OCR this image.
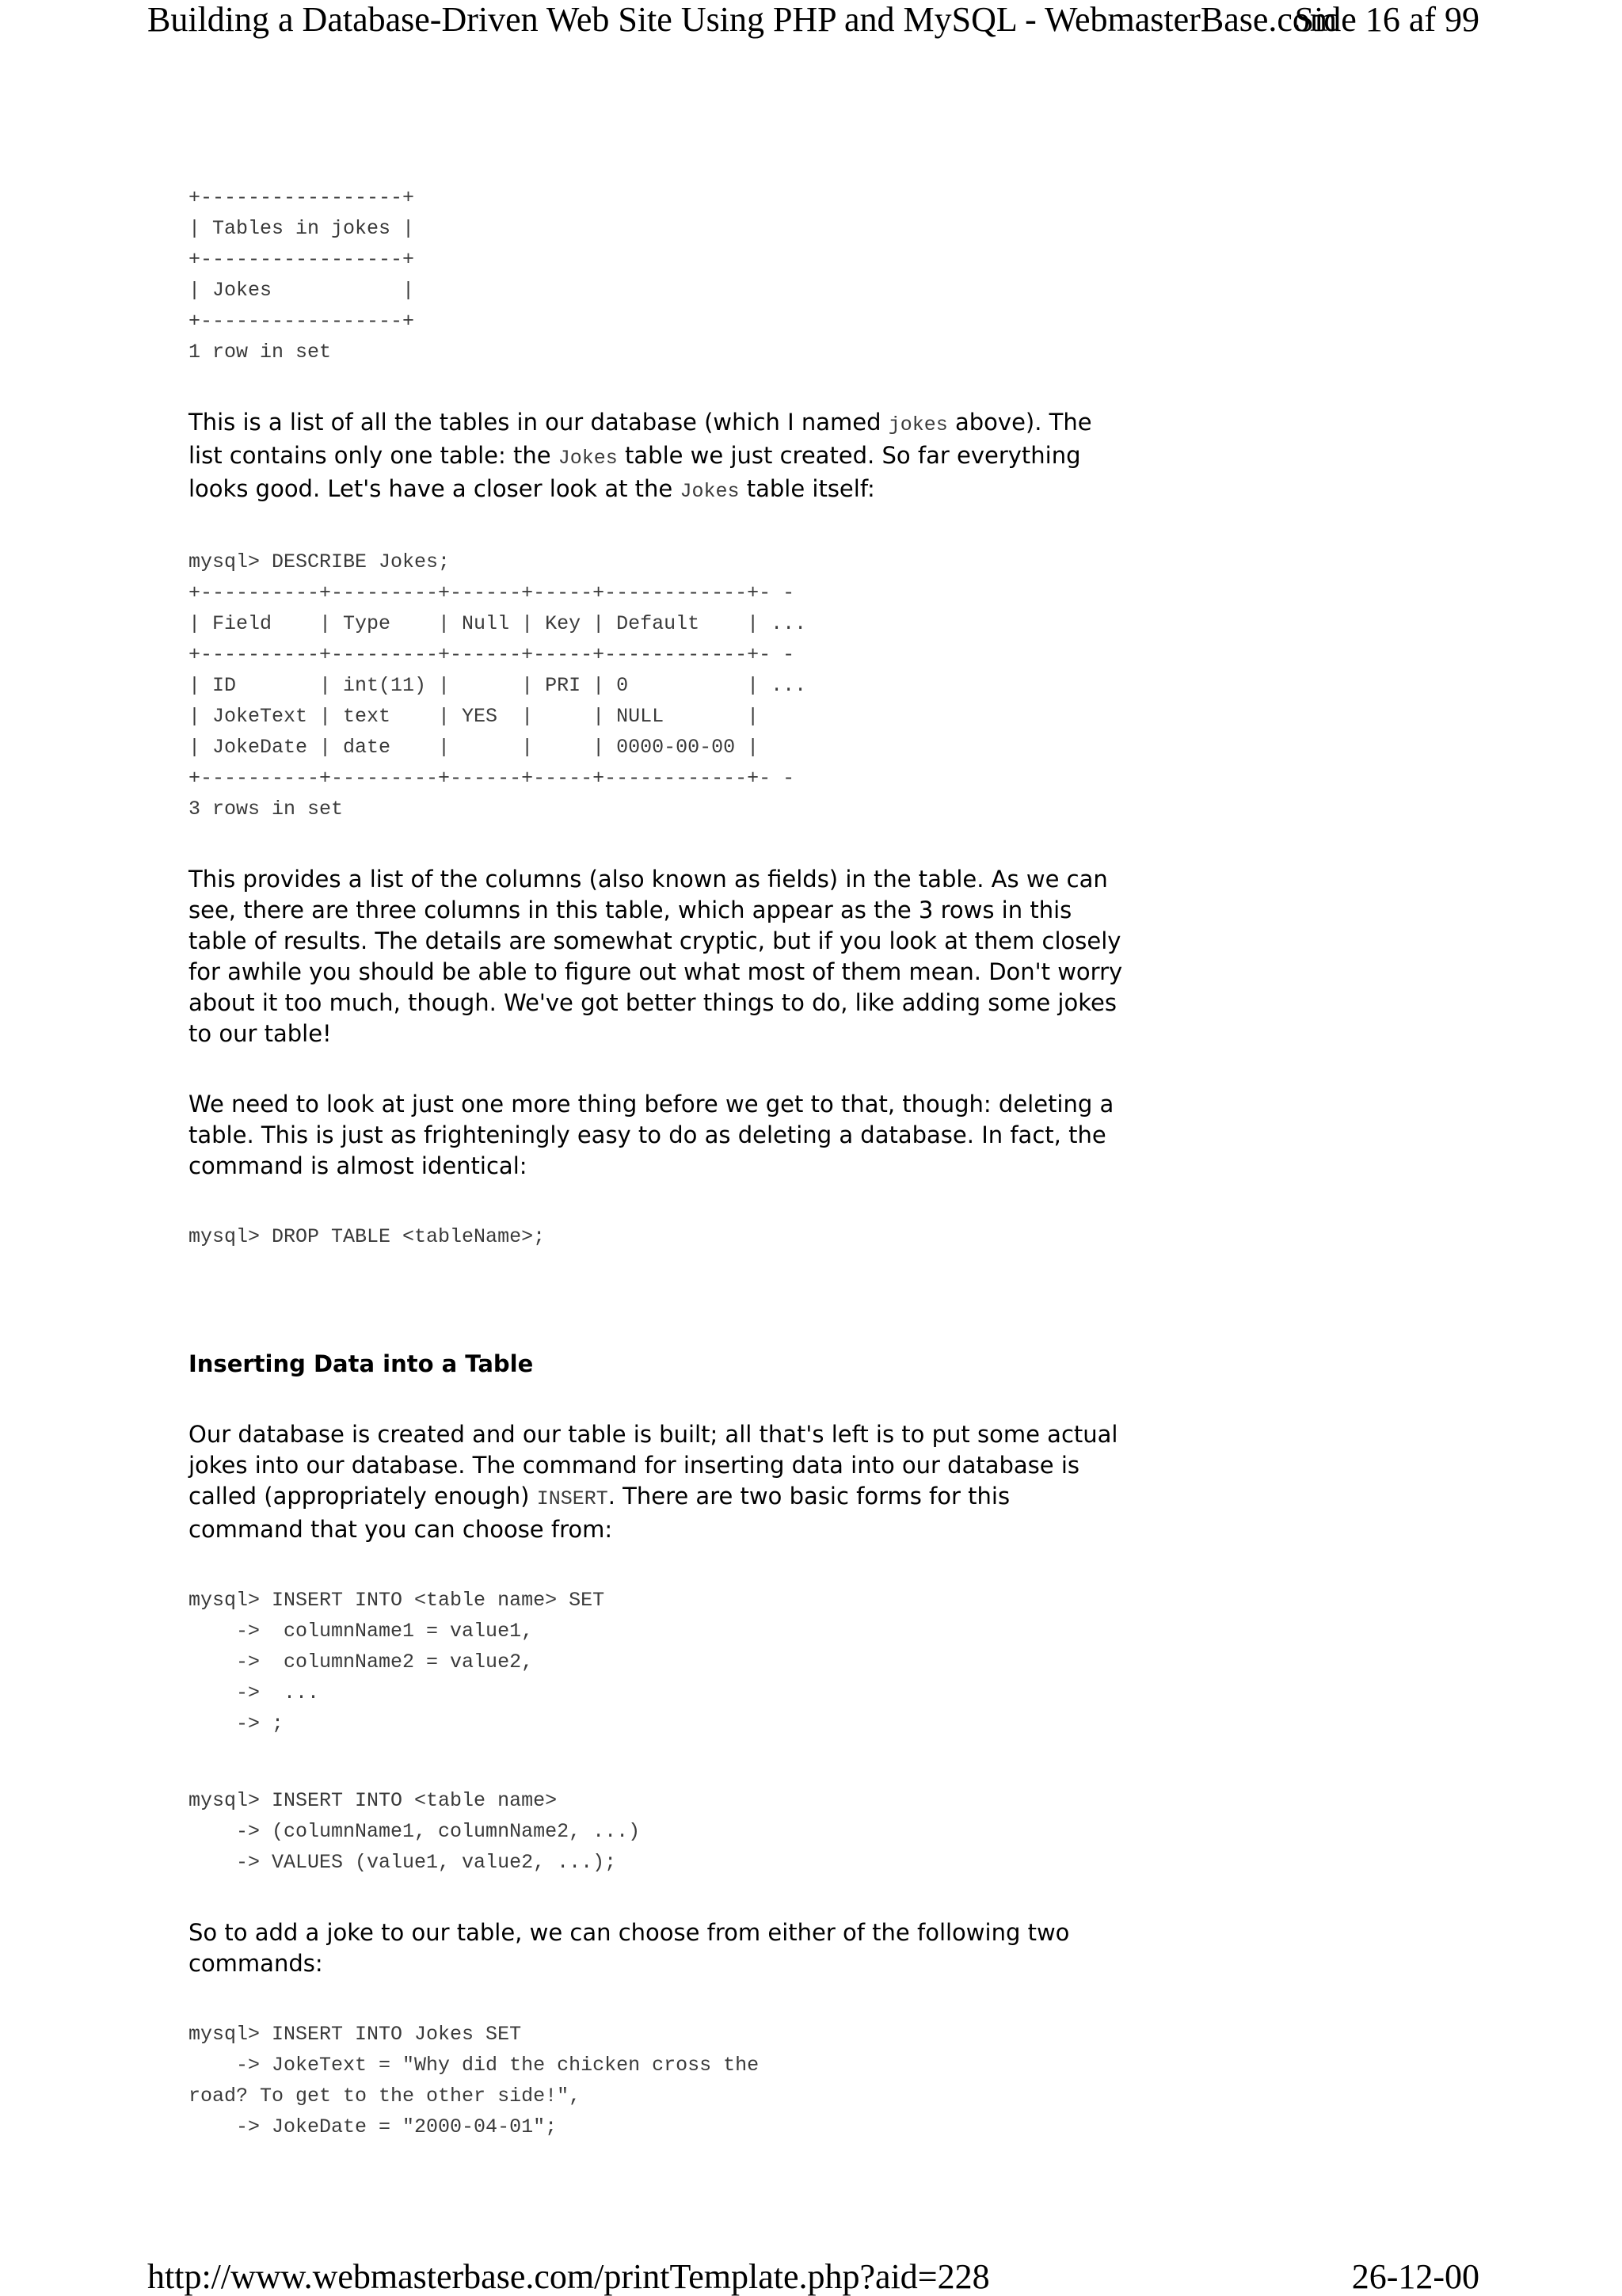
Building a Database-Driven Web Site Using PHP and MySQL - WebmasterBase.com
Side 16 af 99
+-----------------+
| Tables in jokes |
+-----------------+
| Jokes           |
+-----------------+
1 row in set

This is a list of all the tables in our database (which I named jokes above). The list contains only one table: the Jokes table we just created. So far everything looks good. Let's have a closer look at the Jokes table itself:

mysql> DESCRIBE Jokes;
+----------+---------+------+-----+------------+- -
| Field    | Type    | Null | Key | Default    | ...
+----------+---------+------+-----+------------+- -
| ID       | int(11) |      | PRI | 0          | ...
| JokeText | text    | YES  |     | NULL       |
| JokeDate | date    |      |     | 0000-00-00 |
+----------+---------+------+-----+------------+- -
3 rows in set

This provides a list of the columns (also known as fields) in the table. As we can see, there are three columns in this table, which appear as the 3 rows in this table of results. The details are somewhat cryptic, but if you look at them closely for awhile you should be able to figure out what most of them mean. Don't worry about it too much, though. We've got better things to do, like adding some jokes to our table!

We need to look at just one more thing before we get to that, though: deleting a table. This is just as frighteningly easy to do as deleting a database. In fact, the command is almost identical:

mysql> DROP TABLE <tableName>;
Inserting Data into a Table

Our database is created and our table is built; all that's left is to put some actual jokes into our database. The command for inserting data into our database is called (appropriately enough) INSERT. There are two basic forms for this command that you can choose from:

mysql> INSERT INTO <table name> SET
->  columnName1 = value1,
->  columnName2 = value2,
->  ...
-> ;
mysql> INSERT INTO <table name>
-> (columnName1, columnName2, ...)
-> VALUES (value1, value2, ...);

So to add a joke to our table, we can choose from either of the following two commands:

mysql> INSERT INTO Jokes SET
-> JokeText = "Why did the chicken cross the
road? To get to the other side!",
-> JokeDate = "2000-04-01";
http://www.webmasterbase.com/printTemplate.php?aid=228	26-12-00
